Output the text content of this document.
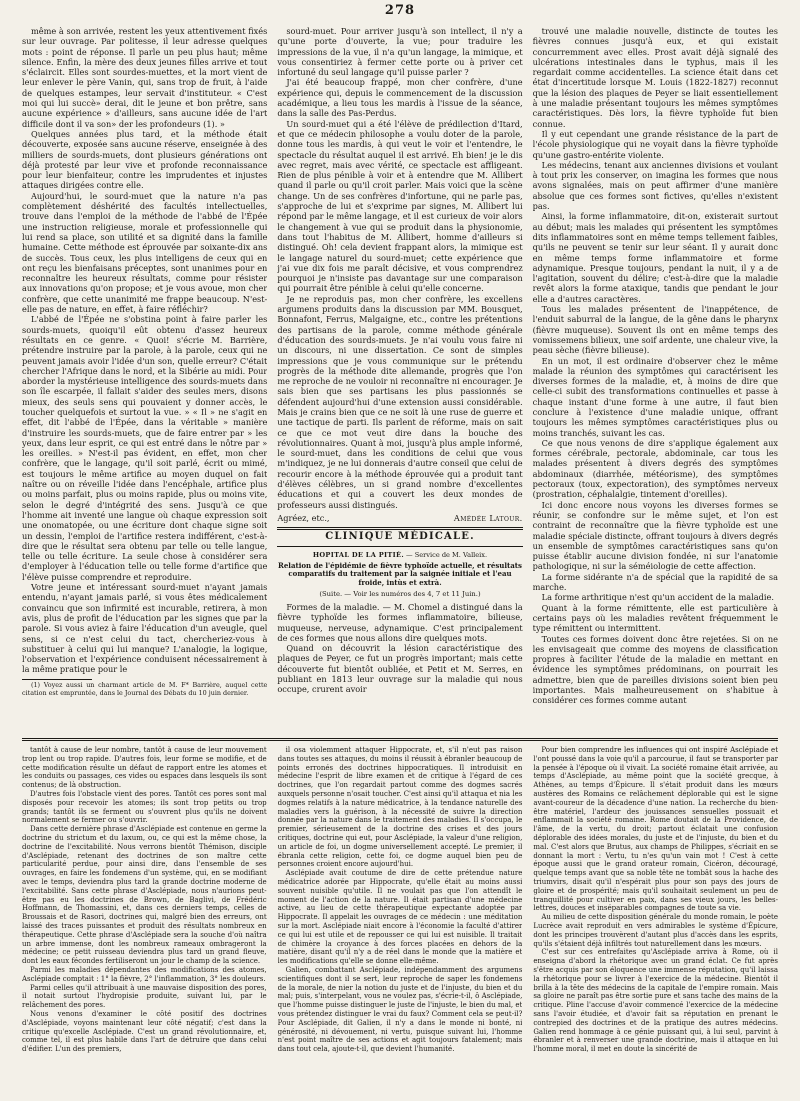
278

même à son arrivée, restent les yeux attentivement fixés sur leur ouvrage. Par politesse, il leur adresse quelques mots : point de réponse. Il parle un peu plus haut; même silence. Enfin, la mère des deux jeunes filles arrive et tout s'éclaircit. Elles sont sourdes-muettes, et la mort vient de leur enlever le père Vanin, qui, sans trop de fruit, à l'aide de quelques estampes, leur servait d'instituteur. « C'est moi qui lui succè» derai, dit le jeune et bon prêtre, sans aucune expérience » d'ailleurs, sans aucune idée de l'art difficile dont il va son» der les profondeurs (1). »

Quelques années plus tard, et la méthode était découverte, exposée sans aucune réserve, enseignée à des milliers de sourds-muets, dont plusieurs générations ont déjà protesté par leur vive et profonde reconnaissance pour leur bienfaiteur, contre les imprudentes et injustes attaques dirigées contre elle.

Aujourd'hui, le sourd-muet que la nature n'a pas complètement déshérité des facultés intellectuelles, trouve dans l'emploi de la méthode de l'abbé de l'Épée une instruction religieuse, morale et professionnelle qui lui rend sa place, son utilité et sa dignité dans la famille humaine. Cette méthode est éprouvée par soixante-dix ans de succès. Tous ceux, les plus intelligens de ceux qui en ont reçu les bienfaisans préceptes, sont unanimes pour en reconnaître les heureux résultats, comme pour résister aux innovations qu'on propose; et je vous avoue, mon cher confrère, que cette unanimité me frappe beaucoup. N'est-elle pas de nature, en effet, à faire réfléchir?

L'abbé de l'Épée ne s'obstina point à faire parler les sourds-muets, quoiqu'il eût obtenu d'assez heureux résultats en ce genre. « Quoi! s'écrie M. Barrière, prétendre instruire par la parole, à la parole, ceux qui ne peuvent jamais avoir l'idée d'un son, quelle erreur? C'était chercher l'Afrique dans le nord, et la Sibérie au midi. Pour aborder la mystérieuse intelligence des sourds-muets dans son île escarpée, il fallait s'aider des seules mers, disons mieux, des seuls sens qui pouvaient y donner accès, le toucher quelquefois et surtout la vue. » « Il » ne s'agit en effet, dit l'abbé de l'Épée, dans la véritable » manière d'instruire les sourds-muets, que de faire entrer par » les yeux, dans leur esprit, ce qui est entré dans le nôtre par » les oreilles. » N'est-il pas évident, en effet, mon cher confrère, que le langage, qu'il soit parlé, écrit ou mimé, est toujours le même artifice au moyen duquel on fait naître ou on réveille l'idée dans l'encéphale, artifice plus ou moins parfait, plus ou moins rapide, plus ou moins vite, selon le degré d'intégrité des sens. Jusqu'à ce que l'homme ait inventé une langue où chaque expression soit une onomatopée, ou une écriture dont chaque signe soit un dessin, l'emploi de l'artifice restera indifférent, c'est-à-dire que le résultat sera obtenu par telle ou telle langue, telle ou telle écriture. La seule chose à considérer sera d'employer à l'éducation telle ou telle forme d'artifice que l'élève puisse comprendre et reproduire.

Votre jeune et intéressant sourd-muet n'ayant jamais entendu, n'ayant jamais parlé, si vous êtes médicalement convaincu que son infirmité est incurable, retirera, à mon avis, plus de profit de l'éducation par les signes que par la parole. Si vous aviez à faire l'éducation d'un aveugle, quel sens, si ce n'est celui du tact, chercheriez-vous à substituer à celui qui lui manque? L'analogie, la logique, l'observation et l'expérience conduisent nécessairement à la même pratique pour le

(1) Voyez aussi un charmant article de M. F* Barrière, auquel cette citation est empruntée, dans le Journal des Débats du 10 juin dernier.

sourd-muet. Pour arriver jusqu'à son intellect, il n'y a qu'une porte d'ouverte, la vue; pour traduire les impressions de la vue, il n'a qu'un langage, la mimique, et vous consentiriez à fermer cette porte ou à priver cet infortuné du seul langage qu'il puisse parler ?

J'ai été beaucoup frappé, mon cher confrère, d'une expérience qui, depuis le commencement de la discussion académique, a lieu tous les mardis à l'issue de la séance, dans la salle des Pas-Perdus.

Un sourd-muet qui a été l'élève de prédilection d'Itard, et que ce médecin philosophe a voulu doter de la parole, donne tous les mardis, à qui veut le voir et l'entendre, le spectacle du résultat auquel il est arrivé. Eh bien! je le dis avec regret, mais avec vérité, ce spectacle est affligeant. Rien de plus pénible à voir et à entendre que M. Allibert quand il parle ou qu'il croit parler. Mais voici que la scène change. Un de ses confrères d'infortune, qui ne parle pas, s'approche de lui et s'exprime par signes, M. Allibert lui répond par le même langage, et il est curieux de voir alors le changement à vue qui se produit dans la physionomie, dans tout l'habitus de M. Allibert, homme d'ailleurs si distingué. Oh! cela devient frappant alors, la mimique est le langage naturel du sourd-muet; cette expérience que j'ai vue dix fois me paraît décisive, et vous comprendrez pourquoi je n'insiste pas davantage sur une comparaison qui pourrait être pénible à celui qu'elle concerne.

Je ne reproduis pas, mon cher confrère, les excellens argumens produits dans la discussion par MM. Bousquet, Bonnafont, Ferrus, Malgaigne, etc., contre les prétentions des partisans de la parole, comme méthode générale d'éducation des sourds-muets. Je n'ai voulu vous faire ni un discours, ni une dissertation. Ce sont de simples impressions que je vous communique sur le prétendu progrès de la méthode dite allemande, progrès que l'on me reproche de ne vouloir ni reconnaître ni encourager. Je sais bien que ses partisans les plus passionnés se défendent aujourd'hui d'une extension aussi considérable. Mais je crains bien que ce ne soit là une ruse de guerre et une tactique de parti. Ils parlent de réforme, mais on sait ce que ce mot veut dire dans la bouche des révolutionnaires. Quant à moi, jusqu'à plus ample informé, le sourd-muet, dans les conditions de celui que vous m'indiquez, je ne lui donnerais d'autre conseil que celui de recourir encore à la méthode éprouvée qui a produit tant d'élèves célèbres, un si grand nombre d'excellentes éducations et qui a couvert les deux mondes de professeurs aussi distingués.

Agréez, etc.,	Amédée Latour.
CLINIQUE MÉDICALE.
HOPITAL DE LA PITIÉ. — Service de M. Valleix.
Relation de l'épidémie de fièvre typhoïde actuelle, et résultats comparatifs du traitement par la saignée initiale et l'eau froide, intùs et extrà.
(Suite. — Voir les numéros des 4, 7 et 11 Juin.)

Formes de la maladie. — M. Chomel a distingué dans la fièvre typhoïde les formes inflammatoire, bilieuse, muqueuse, nerveuse, adynamique. C'est principalement de ces formes que nous allons dire quelques mots.

Quand on découvrit la lésion caractéristique des plaques de Peyer, ce fut un progrès important; mais cette découverte fut bientôt oubliée, et Petit et M. Serres, en publiant en 1813 leur ouvrage sur la maladie qui nous occupe, crurent avoir

trouvé une maladie nouvelle, distincte de toutes les fièvres connues jusqu'à eux, et qui existait concurremment avec elles. Prost avait déjà signalé des ulcérations intestinales dans le typhus, mais il les regardait comme accidentelles. La science était dans cet état d'incertitude lorsque M. Louis (1822-1827) reconnut que la lésion des plaques de Peyer se liait essentiellement à une maladie présentant toujours les mêmes symptômes caractéristiques. Dès lors, la fièvre typhoïde fut bien connue.

Il y eut cependant une grande résistance de la part de l'école physiologique qui ne voyait dans la fièvre typhoïde qu'une gastro-entérite violente.

Les médecins, tenant aux anciennes divisions et voulant à tout prix les conserver, on imagina les formes que nous avons signalées, mais on peut affirmer d'une manière absolue que ces formes sont fictives, qu'elles n'existent pas.

Ainsi, la forme inflammatoire, dit-on, existerait surtout au début; mais les malades qui présentent les symptômes dits inflammatoires sont en même temps tellement faibles, qu'ils ne peuvent se tenir sur leur séant. Il y aurait donc en même temps forme inflammatoire et forme adynamique. Presque toujours, pendant la nuit, il y a de l'agitation, souvent du délire; c'est-à-dire que la maladie revêt alors la forme ataxique, tandis que pendant le jour elle a d'autres caractères.

Tous les malades présentent de l'inappétence, de l'enduit saburral de la langue, de la gêne dans le pharynx (fièvre muqueuse). Souvent ils ont en même temps des vomissemens bilieux, une soif ardente, une chaleur vive, la peau sèche (fièvre bilieuse).

En un mot, il est ordinaire d'observer chez le même malade la réunion des symptômes qui caractérisent les diverses formes de la maladie, et, à moins de dire que celle-ci subit des transformations continuelles et passe à chaque instant d'une forme à une autre, il faut bien conclure à l'existence d'une maladie unique, offrant toujours les mêmes symptômes caractéristiques plus ou moins tranchés, suivant les cas.

Ce que nous venons de dire s'applique également aux formes cérébrale, pectorale, abdominale, car tous les malades présentent à divers degrés des symptômes abdominaux (diarrhée, météorisme), des symptômes pectoraux (toux, expectoration), des symptômes nerveux (prostration, céphalalgie, tintement d'oreilles).

Ici donc encore nous voyons les diverses formes se réunir, se confondre sur le même sujet, et l'on est contraint de reconnaître que la fièvre typhoïde est une maladie spéciale distincte, offrant toujours à divers degrés un ensemble de symptômes caractéristiques sans qu'on puisse établir aucune division fondée, ni sur l'anatomie pathologique, ni sur la séméiologie de cette affection.

La forme sidérante n'a de spécial que la rapidité de sa marche.

La forme arthritique n'est qu'un accident de la maladie.

Quant à la forme rémittente, elle est particulière à certains pays où les maladies revêtent fréquemment le type rémittent ou intermittent.

Toutes ces formes doivent donc être rejetées. Si on ne les envisageait que comme des moyens de classification propres à faciliter l'étude de la maladie en mettant en évidence les symptômes prédominans, on pourrait les admettre, bien que de pareilles divisions soient bien peu importantes. Mais malheureusement on s'habitue à considérer ces formes comme autant

tantôt à cause de leur nombre, tantôt à cause de leur mouvement trop lent ou trop rapide. D'autres fois, leur forme se modifie, et de cette modification résulte un défaut de rapport entre les atomes et les conduits ou passages, ces vides ou espaces dans lesquels ils sont contenus; de là obstruction.

D'autres fois l'obstacle vient des pores. Tantôt ces pores sont mal disposés pour recevoir les atomes; ils sont trop petits ou trop grands; tantôt ils se ferment ou s'ouvrent plus qu'ils ne doivent normalement se fermer ou s'ouvrir.

Dans cette dernière phrase d'Asclépiade est contenue en germe la doctrine du strictum et du laxum, ou, ce qui est la même chose, la doctrine de l'excitabilité. Nous verrons bientôt Thémison, disciple d'Asclépiade, retenant des doctrines de son maître cette particularité perdue, pour ainsi dire, dans l'ensemble de ses ouvrages, en faire les fondemens d'un système, qui, en se modifiant avec le temps, deviendra plus tard la grande doctrine moderne de l'excitabilité. Sans cette phrase d'Asclépiade, nous n'aurions peut-être pas eu les doctrines de Brown, de Baglivi, de Frédéric Hoffmann, de Thomassini, et, dans ces derniers temps, celles de Broussais et de Rasori, doctrines qui, malgré bien des erreurs, ont laissé des traces puissantes et produit des résultats nombreux en thérapeutique. Cette phrase d'Asclépiade sera la souche d'où naîtra un arbre immense, dont les nombreux rameaux ombrageront la médecine; ce petit ruisseau deviendra plus tard un grand fleuve, dont les eaux fécondes fertiliseront un jour le champ de la science.

Parmi les maladies dépendantes des modifications des atomes, Asclépiade comptait : 1° la fièvre, 2° l'inflammation, 3° les douleurs.

Parmi celles qu'il attribuait à une mauvaise disposition des pores, il notait surtout l'hydropisie produite, suivant lui, par le relâchement des pores.

Nous venons d'examiner le côté positif des doctrines d'Asclépiade, voyons maintenant leur côté négatif; c'est dans la critique qu'excelle Asclépiade. C'est un grand révolutionnaire, et, comme tel, il est plus habile dans l'art de détruire que dans celui d'édifier. L'un des premiers,

il osa violemment attaquer Hippocrate, et, s'il n'eut pas raison dans toutes ses attaques, du moins il réussit à ébranler beaucoup de points erronés des doctrines hippocratiques. Il introduisit en médecine l'esprit de libre examen et de critique à l'égard de ces doctrines, que l'on regardait partout comme des dogmes sacrés auxquels personne n'osait toucher. C'est ainsi qu'il attaqua et nia les dogmes relatifs à la nature médicatrice, à la tendance naturelle des maladies vers la guérison, à la nécessité de suivre la direction donnée par la nature dans le traitement des maladies. Il s'occupa, le premier, sérieusement de la doctrine des crises et des jours critiques, doctrine qui eut, pour Asclépiade, la valeur d'une religion, un article de foi, un dogme universellement accepté. Le premier, il ébranla cette religion, cette foi, ce dogme auquel bien peu de personnes croient encore aujourd'hui.

Asclépiade avait coutume de dire de cette prétendue nature médicatrice adorée par Hippocrate, qu'elle était au moins aussi souvent nuisible qu'utile. Il ne voulait pas que l'on attendît le moment de l'action de la nature. Il était partisan d'une médecine active, au lieu de cette thérapeutique expectante adoptée par Hippocrate. Il appelait les ouvrages de ce médecin : une méditation sur la mort. Asclépiade niait encore à l'économie la faculté d'attirer ce qui lui est utile et de repousser ce qui lui est nuisible. Il traitait de chimère la croyance à des forces placées en dehors de la matière, disant qu'il n'y a de réel dans le monde que la matière et les modifications qu'elle se donne elle-même.

Galien, combattant Asclépiade, indépendamment des argumens scientifiques dont il se sert, leur reproche de saper les fondemens de la morale, de nier la notion du juste et de l'injuste, du bien et du mal; puis, s'interpelant, vous ne voulez pas, s'écrie-t-il, ô Asclépiade, que l'homme puisse distinguer le juste de l'injuste, le bien du mal, et vous prétendez distinguer le vrai du faux? Comment cela se peut-il? Pour Asclépiade, dit Galien, il n'y a dans le monde ni bonté, ni générosité, ni dévouement, ni vertu, puisque suivant lui, l'homme n'est point maître de ses actions et agit toujours fatalement; mais dans tout cela, ajoute-t-il, que devient l'humanité.

Pour bien comprendre les influences qui ont inspiré Asclépiade et l'ont poussé dans la voie qu'il a parcourue, il faut se transporter par la pensée à l'époque où il vivait. La société romaine était arrivée, au temps d'Asclépiade, au même point que la société grecque, à Athènes, au temps d'Épicure. Il s'était produit dans les mœurs austères des Romains ce relâchement déplorable qui est le signe avant-coureur de la décadence d'une nation. La recherche du bien-être matériel, l'ardeur des jouissances sensuelles possuait et enflammait la société romaine. Rome doutait de la Providence, de l'âme, de la vertu, du droit; partout éclatait une confusion déplorable des idées morales, du juste et de l'injuste, du bien et du mal. C'est alors que Brutus, aux champs de Philippes, s'écriait en se donnant la mort : Vertu, tu n'es qu'un vain mot ! C'est à cette époque aussi que le grand orateur romain, Cicéron, découragé, quelque temps avant que sa noble tête ne tombât sous la hache des triumvirs, disait qu'il n'espérait plus pour son pays des jours de gloire et de prospérité; mais qu'il souhaitait seulement un peu de tranquillité pour cultiver en paix, dans ses vieux jours, les belles-lettres, douces et inséparables compagnes de toute sa vie.

Au milieu de cette disposition générale du monde romain, le poète Lucrèce avait reproduit en vers admirables le système d'Épicure, dont les principes trouvèrent d'autant plus d'accès dans les esprits, qu'ils s'étaient déjà infiltrés tout naturellement dans les mœurs.

C'est sur ces entrefaites qu'Asclépiade arriva à Rome, où il enseigna d'abord la rhétorique avec un grand éclat. Ce fut après s'être acquis par son éloquence une immense réputation, qu'il laissa la rhétorique pour se livrer à l'exercice de la médecine. Bientôt il brilla à la tête des médecins de la capitale de l'empire romain. Mais sa gloire ne paraît pas être sortie pure et sans tache des mains de la critique. Pline l'accuse d'avoir commencé l'exercice de la médecine sans l'avoir étudiée, et d'avoir fait sa réputation en prenant le contrepied des doctrines et de la pratique des autres médecins. Galien rend hommage à ce génie puissant qui, à lui seul, parvint à ébranler et à renverser une grande doctrine, mais il attaque en lui l'homme moral, il met en doute la sincérité de
